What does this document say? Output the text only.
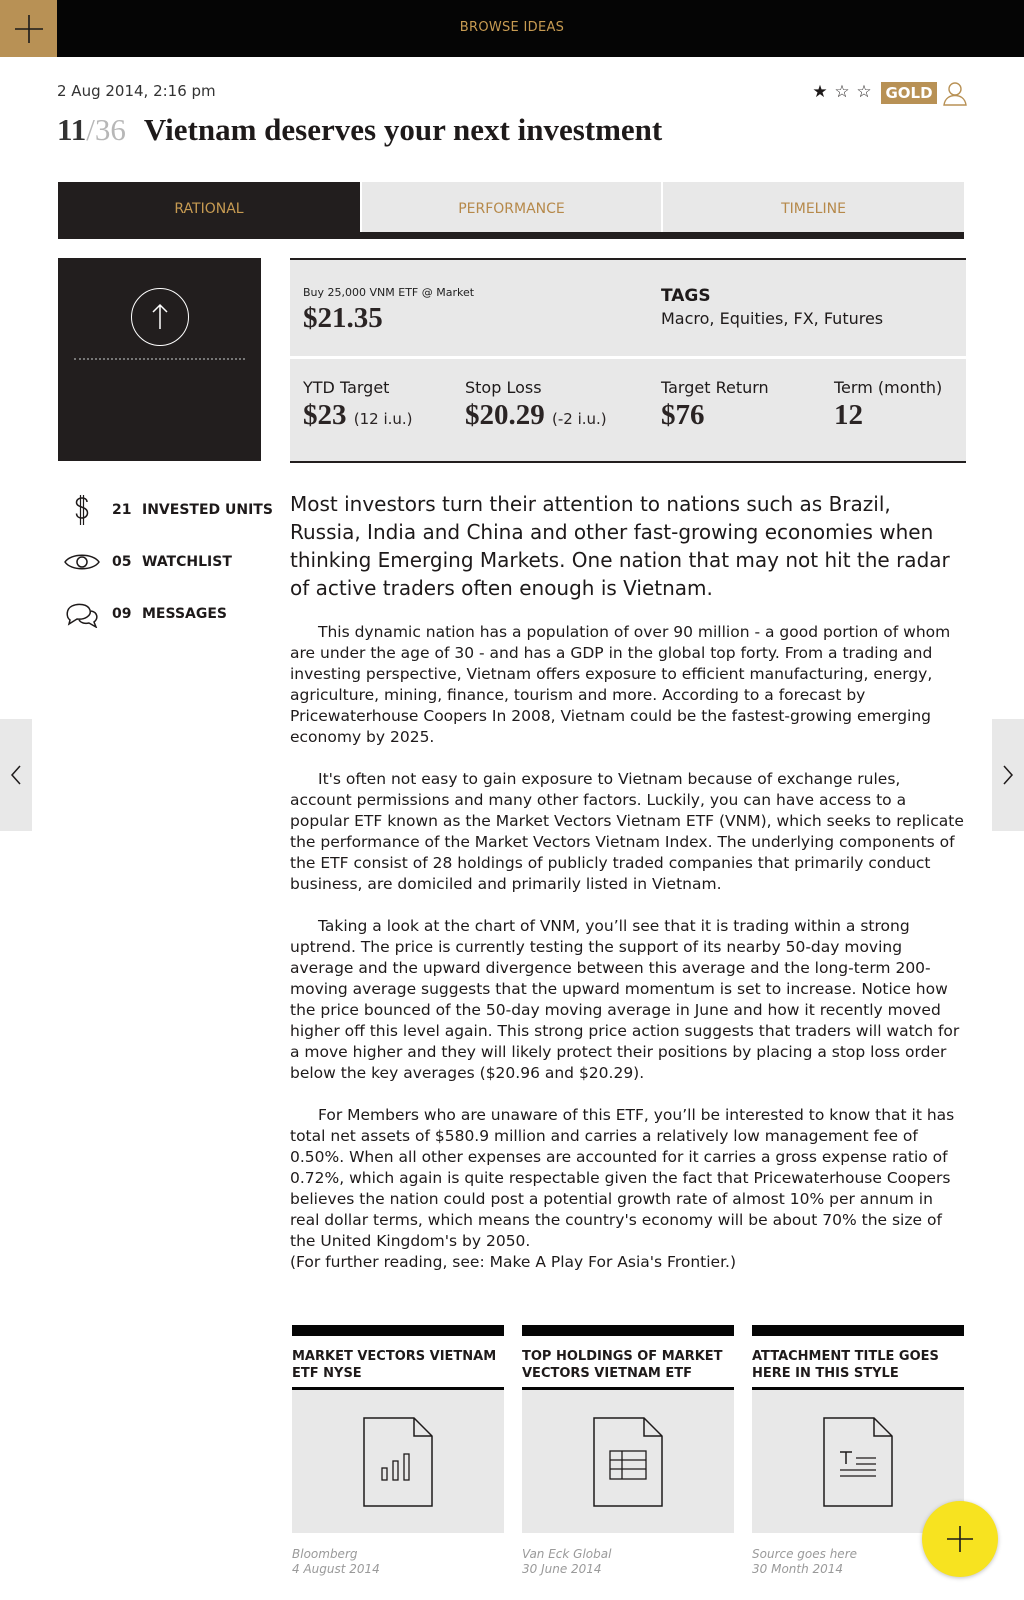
BROWSE IDEAS
2 Aug 2014, 2:16 pm	★ ☆ ☆ GOLD
11/36 Vietnam deserves your next investment
RATIONAL	PERFORMANCE	TIMELINE
Buy 25,000 VNM ETF @ Market
$21.35
TAGS
Macro, Equities, FX, Futures
YTD Target
$23 (12 i.u.)
Stop Loss
$20.29 (-2 i.u.)
Target Return
$76
Term (month)
12
21 INVESTED UNITS
05 WATCHLIST
09 MESSAGES
Most investors turn their attention to nations such as Brazil, Russia, India and China and other fast-growing economies when thinking Emerging Markets. One nation that may not hit the radar of active traders often enough is Vietnam.

This dynamic nation has a population of over 90 million - a good portion of whom are under the age of 30 - and has a GDP in the global top forty. From a trading and investing perspective, Vietnam offers exposure to efficient manufacturing, energy, agriculture, mining, finance, tourism and more. According to a forecast by Pricewaterhouse Coopers In 2008, Vietnam could be the fastest-growing emerging economy by 2025.

It's often not easy to gain exposure to Vietnam because of exchange rules, account permissions and many other factors. Luckily, you can have access to a popular ETF known as the Market Vectors Vietnam ETF (VNM), which seeks to replicate the performance of the Market Vectors Vietnam Index. The underlying components of the ETF consist of 28 holdings of publicly traded companies that primarily conduct business, are domiciled and primarily listed in Vietnam.

Taking a look at the chart of VNM, you’ll see that it is trading within a strong uptrend. The price is currently testing the support of its nearby 50-day moving average and the upward divergence between this average and the long-term 200-moving average suggests that the upward momentum is set to increase. Notice how the price bounced of the 50-day moving average in June and how it recently moved higher off this level again. This strong price action suggests that traders will watch for a move higher and they will likely protect their positions by placing a stop loss order below the key averages ($20.96 and $20.29).

For Members who are unaware of this ETF, you’ll be interested to know that it has total net assets of $580.9 million and carries a relatively low management fee of 0.50%. When all other expenses are accounted for it carries a gross expense ratio of 0.72%, which again is quite respectable given the fact that Pricewaterhouse Coopers believes the nation could post a potential growth rate of almost 10% per annum in real dollar terms, which means the country's economy will be about 70% the size of the United Kingdom's by 2050.

(For further reading, see: Make A Play For Asia's Frontier.)

MARKET VECTORS VIETNAM ETF NYSE
Bloomberg
4 August 2014
TOP HOLDINGS OF MARKET VECTORS VIETNAM ETF
Van Eck Global
30 June 2014
ATTACHMENT TITLE GOES HERE IN THIS STYLE
Source goes here
30 Month 2014
